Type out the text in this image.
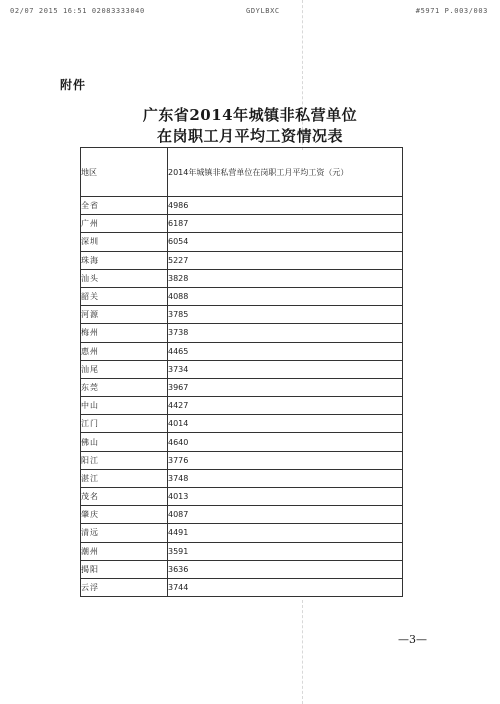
02/07 2015 16:51 02083333040	GDYLBXC	#5971 P.003/003
附件
广东省2014年城镇非私营单位
在岗职工月平均工资情况表
地区	2014年城镇非私营单位在岗职工月平均工资（元）
全省	4986
广州	6187
深圳	6054
珠海	5227
汕头	3828
韶关	4088
河源	3785
梅州	3738
惠州	4465
汕尾	3734
东莞	3967
中山	4427
江门	4014
佛山	4640
阳江	3776
湛江	3748
茂名	4013
肇庆	4087
清远	4491
潮州	3591
揭阳	3636
云浮	3744
—3—
